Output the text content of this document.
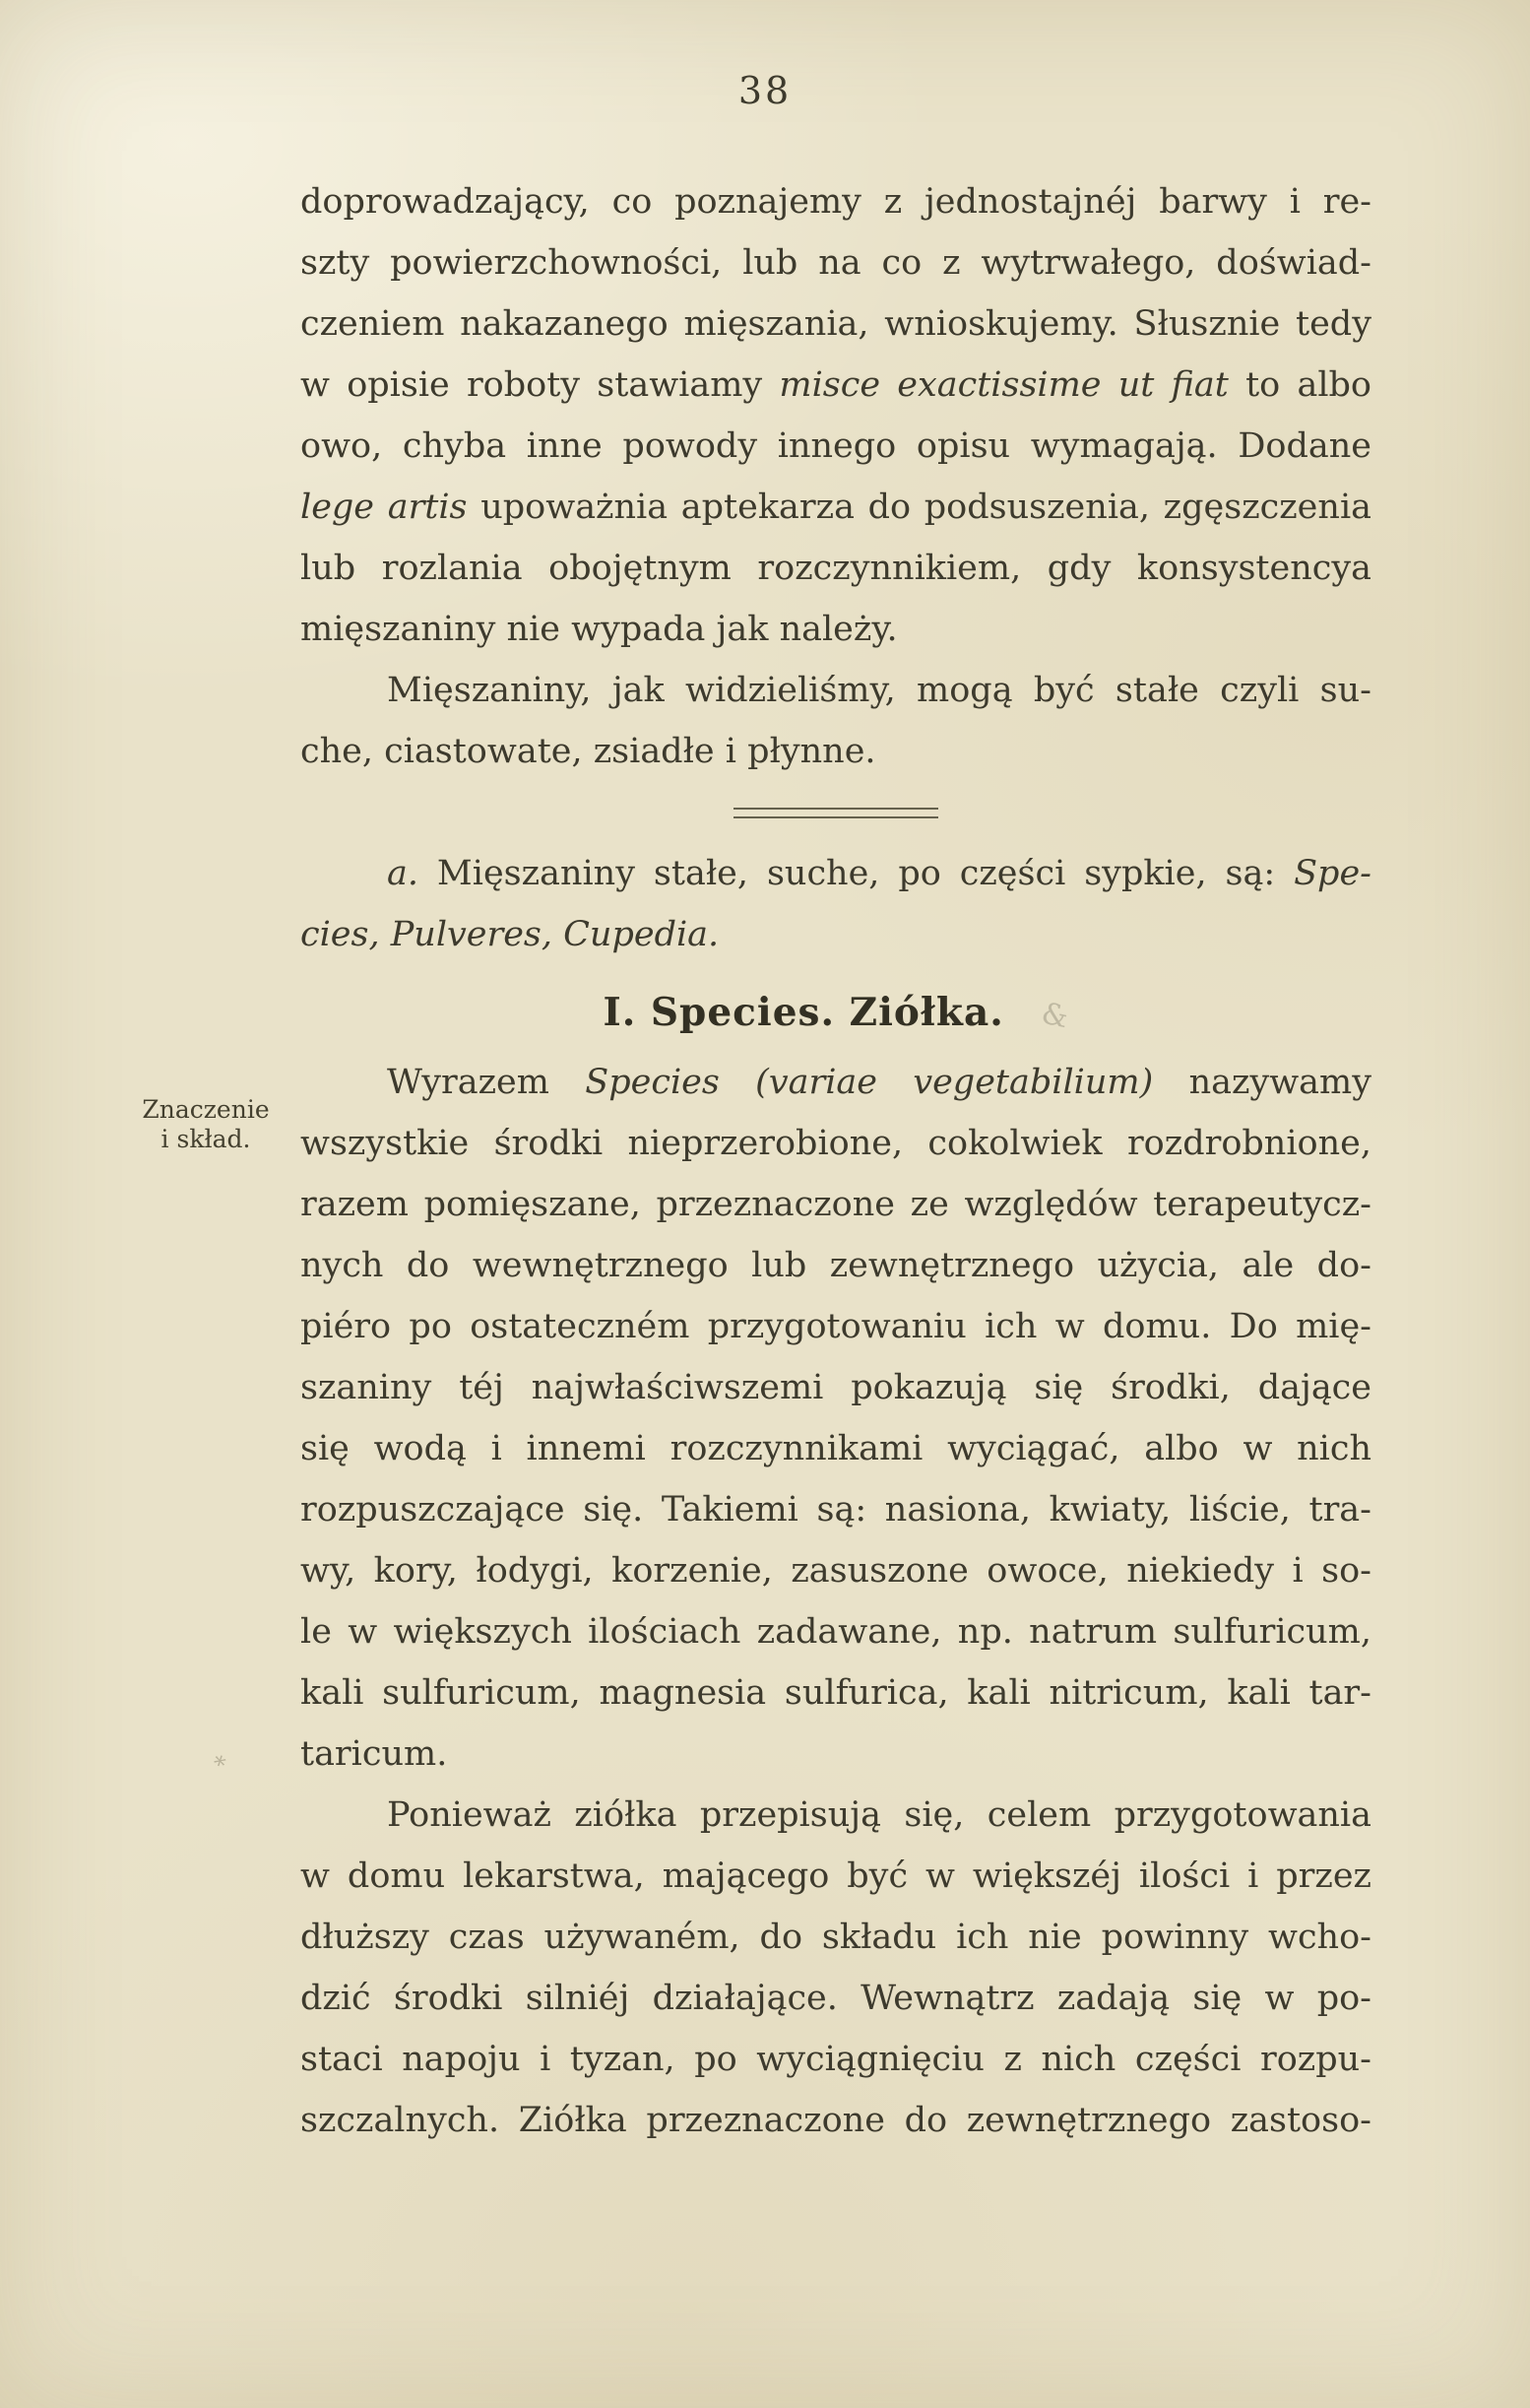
38
Znaczenie
i skład.
*
doprowadzający, co poznajemy z jednostajnéj barwy i re-
szty powierzchowności, lub na co z wytrwałego, doświad-
czeniem nakazanego mięszania, wnioskujemy. Słusznie tedy
w opisie roboty stawiamy misce exactissime ut fiat to albo
owo, chyba inne powody innego opisu wymagają. Dodane
lege artis upoważnia aptekarza do podsuszenia, zgęszczenia
lub rozlania obojętnym rozczynnikiem, gdy konsystencya
mięszaniny nie wypada jak należy.
Mięszaniny, jak widzieliśmy, mogą być stałe czyli su-
che, ciastowate, zsiadłe i płynne.
a. Mięszaniny stałe, suche, po części sypkie, są: Spe-
cies, Pulveres, Cupedia.
I. Species. Ziółka. &
Wyrazem Species (variae vegetabilium) nazywamy
wszystkie środki nieprzerobione, cokolwiek rozdrobnione,
razem pomięszane, przeznaczone ze względów terapeutycz-
nych do wewnętrznego lub zewnętrznego użycia, ale do-
piéro po ostateczném przygotowaniu ich w domu. Do mię-
szaniny téj najwłaściwszemi pokazują się środki, dające
się wodą i innemi rozczynnikami wyciągać, albo w nich
rozpuszczające się. Takiemi są: nasiona, kwiaty, liście, tra-
wy, kory, łodygi, korzenie, zasuszone owoce, niekiedy i so-
le w większych ilościach zadawane, np. natrum sulfuricum,
kali sulfuricum, magnesia sulfurica, kali nitricum, kali tar-
taricum.
Ponieważ ziółka przepisują się, celem przygotowania
w domu lekarstwa, mającego być w większéj ilości i przez
dłuższy czas używaném, do składu ich nie powinny wcho-
dzić środki silniéj działające. Wewnątrz zadają się w po-
staci napoju i tyzan, po wyciągnięciu z nich części rozpu-
szczalnych. Ziółka przeznaczone do zewnętrznego zastoso-
